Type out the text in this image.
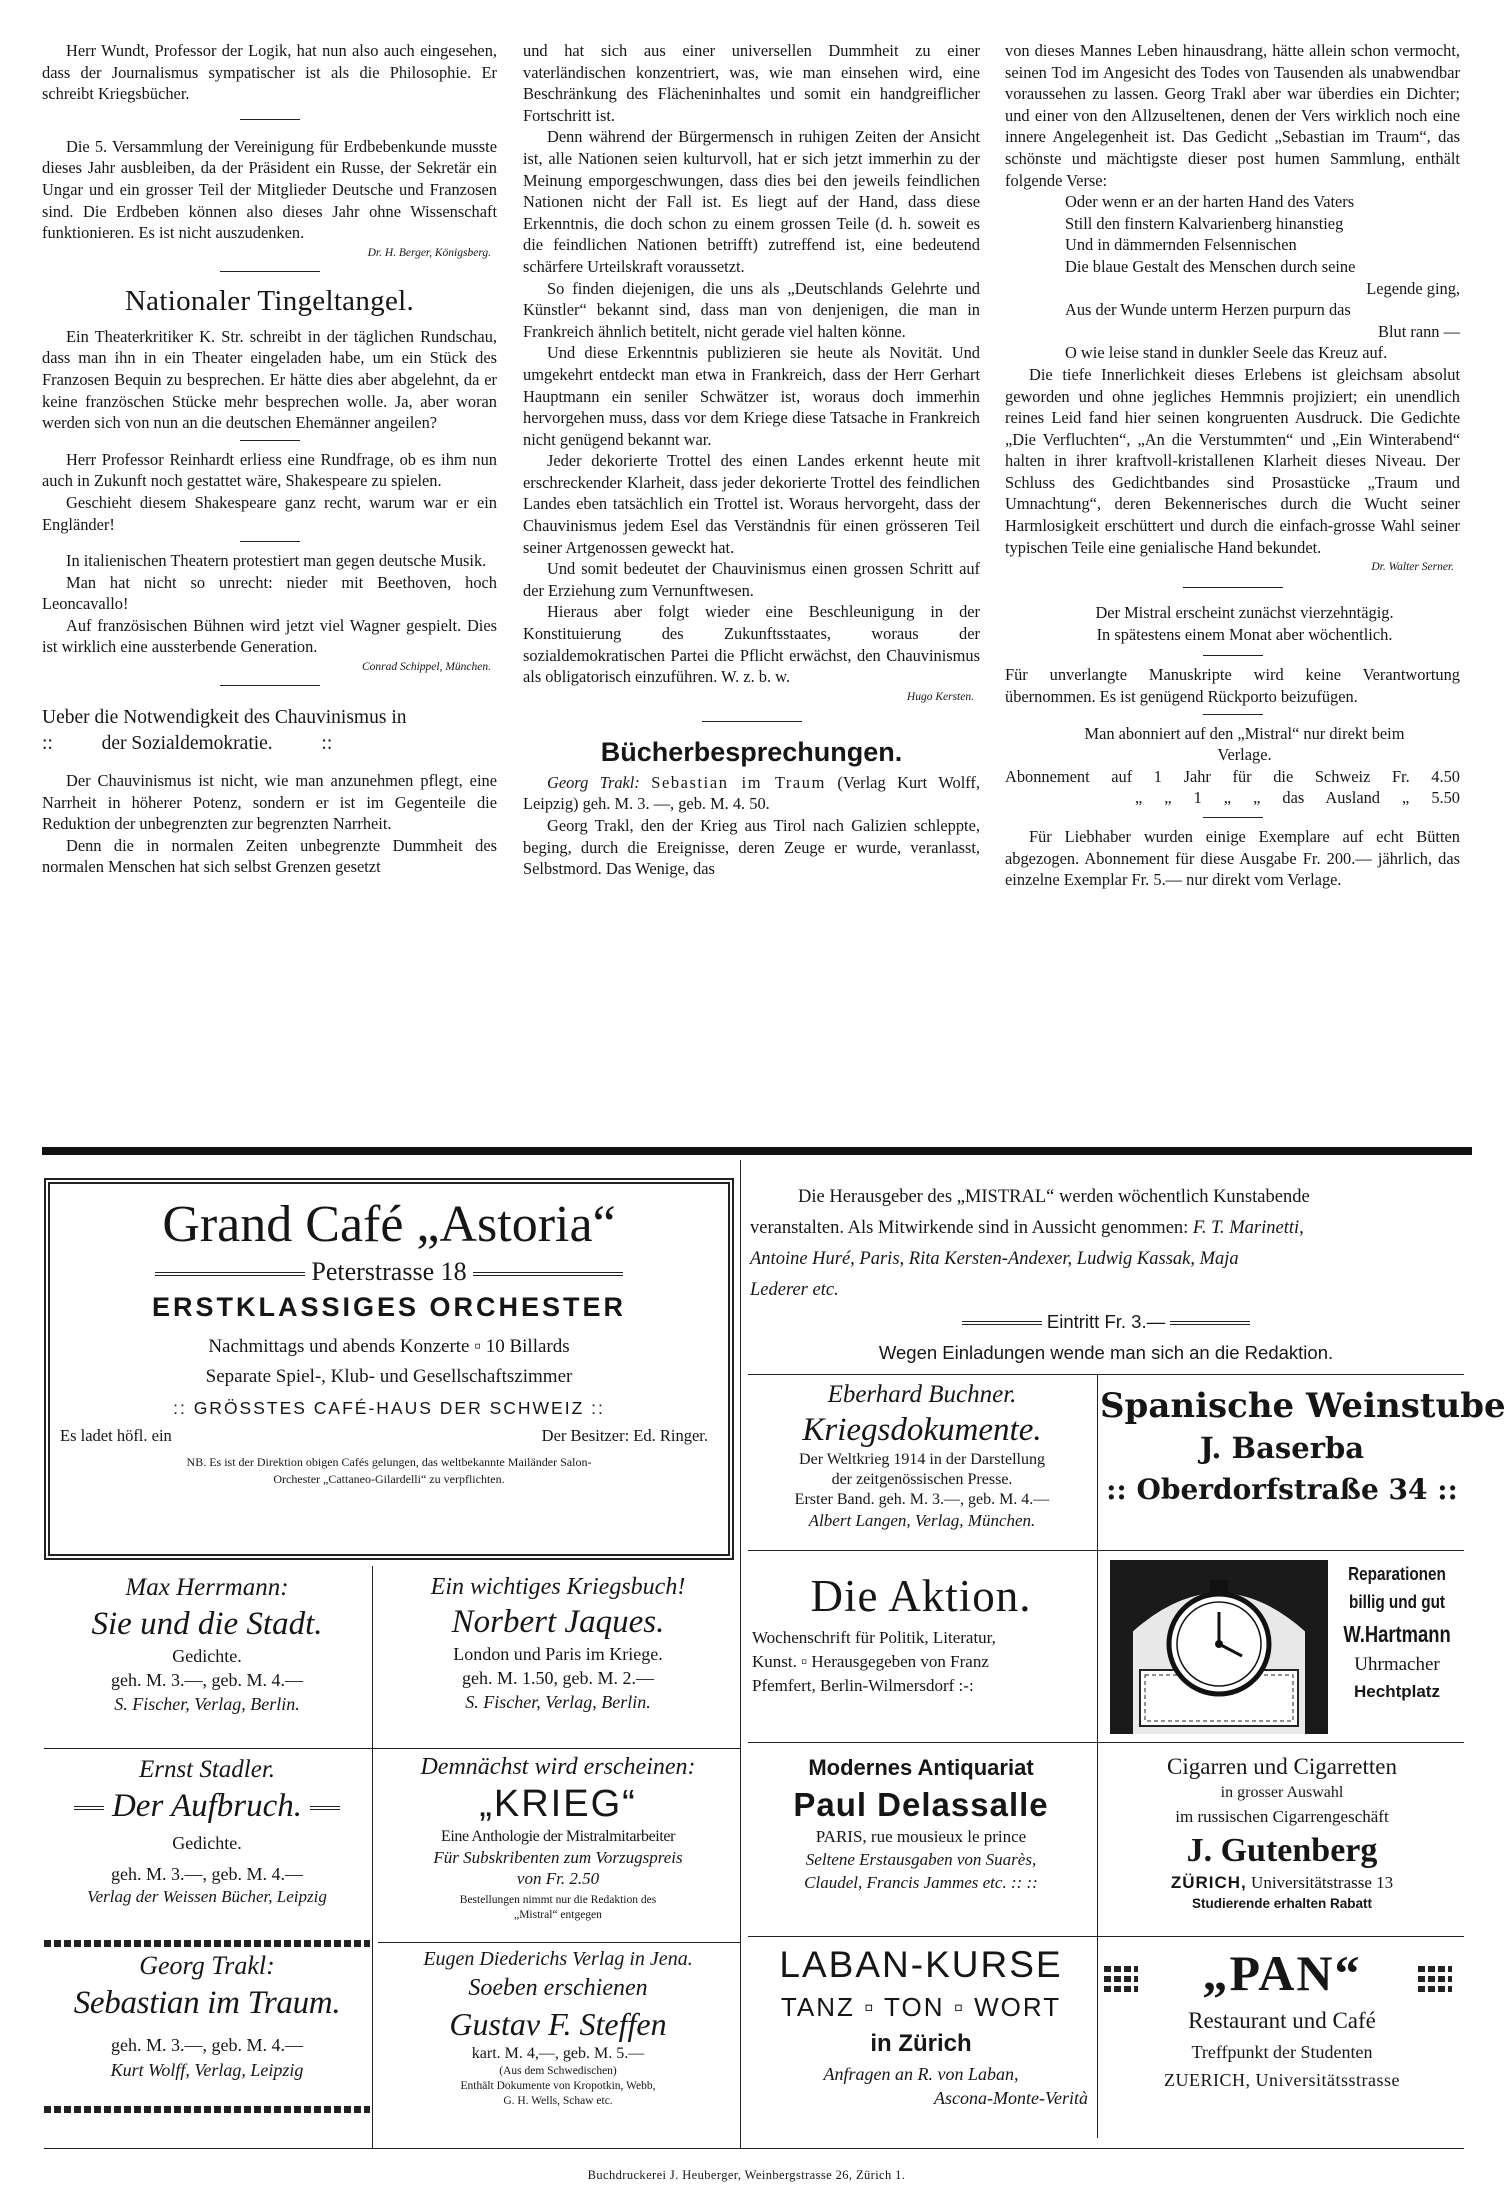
Herr Wundt, Professor der Logik, hat nun also auch eingesehen, dass der Journalismus sympatischer ist als die Philosophie. Er schreibt Kriegsbücher.

Die 5. Versammlung der Vereinigung für Erdbebenkunde musste dieses Jahr ausbleiben, da der Präsident ein Russe, der Sekretär ein Ungar und ein grosser Teil der Mitglieder Deutsche und Franzosen sind. Die Erdbeben können also dieses Jahr ohne Wissenschaft funktionieren. Es ist nicht auszudenken.

Dr. H. Berger, Königsberg.
Nationaler Tingeltangel.

Ein Theaterkritiker K. Str. schreibt in der täglichen Rundschau, dass man ihn in ein Theater eingeladen habe, um ein Stück des Franzosen Bequin zu besprechen. Er hätte dies aber abgelehnt, da er keine französchen Stücke mehr besprechen wolle. Ja, aber woran werden sich von nun an die deutschen Ehemänner angeilen?

Herr Professor Reinhardt erliess eine Rundfrage, ob es ihm nun auch in Zukunft noch gestattet wäre, Shakespeare zu spielen.

Geschieht diesem Shakespeare ganz recht, warum war er ein Engländer!

In italienischen Theatern protestiert man gegen deutsche Musik.

Man hat nicht so unrecht: nieder mit Beethoven, hoch Leoncavallo!

Auf französischen Bühnen wird jetzt viel Wagner gespielt. Dies ist wirklich eine aussterbende Generation.

Conrad Schippel, München.
Ueber die Notwendigkeit des Chauvinismus in
::          der Sozialdemokratie.          ::

Der Chauvinismus ist nicht, wie man anzunehmen pflegt, eine Narrheit in höherer Potenz, sondern er ist im Gegenteile die Reduktion der unbegrenzten zur begrenzten Narrheit.

Denn die in normalen Zeiten unbegrenzte Dummheit des normalen Menschen hat sich selbst Grenzen gesetzt

und hat sich aus einer universellen Dummheit zu einer vaterländischen konzentriert, was, wie man einsehen wird, eine Beschränkung des Flächeninhaltes und somit ein handgreiflicher Fortschritt ist.

Denn während der Bürgermensch in ruhigen Zeiten der Ansicht ist, alle Nationen seien kulturvoll, hat er sich jetzt immerhin zu der Meinung emporgeschwungen, dass dies bei den jeweils feindlichen Nationen nicht der Fall ist. Es liegt auf der Hand, dass diese Erkenntnis, die doch schon zu einem grossen Teile (d. h. soweit es die feindlichen Nationen betrifft) zutreffend ist, eine bedeutend schärfere Urteilskraft voraussetzt.

So finden diejenigen, die uns als „Deutschlands Gelehrte und Künstler“ bekannt sind, dass man von denjenigen, die man in Frankreich ähnlich betitelt, nicht gerade viel halten könne.

Und diese Erkenntnis publizieren sie heute als Novität. Und umgekehrt entdeckt man etwa in Frankreich, dass der Herr Gerhart Hauptmann ein seniler Schwätzer ist, woraus doch immerhin hervorgehen muss, dass vor dem Kriege diese Tatsache in Frankreich nicht genügend bekannt war.

Jeder dekorierte Trottel des einen Landes erkennt heute mit erschreckender Klarheit, dass jeder dekorierte Trottel des feindlichen Landes eben tatsächlich ein Trottel ist. Woraus hervorgeht, dass der Chauvinismus jedem Esel das Verständnis für einen grösseren Teil seiner Artgenossen geweckt hat.

Und somit bedeutet der Chauvinismus einen grossen Schritt auf der Erziehung zum Vernunftwesen.

Hieraus aber folgt wieder eine Beschleunigung in der Konstituierung des Zukunftsstaates, woraus der sozialdemokratischen Partei die Pflicht erwächst, den Chauvinismus als obligatorisch einzuführen. W. z. b. w.

Hugo Kersten.
Bücherbesprechungen.

Georg Trakl: Sebastian im Traum (Verlag Kurt Wolff, Leipzig) geh. M. 3. —, geb. M. 4. 50.

Georg Trakl, den der Krieg aus Tirol nach Galizien schleppte, beging, durch die Ereignisse, deren Zeuge er wurde, veranlasst, Selbstmord. Das Wenige, das

von dieses Mannes Leben hinausdrang, hätte allein schon vermocht, seinen Tod im Angesicht des Todes von Tausenden als unabwendbar voraussehen zu lassen. Georg Trakl aber war überdies ein Dichter; und einer von den Allzuseltenen, denen der Vers wirklich noch eine innere Angelegenheit ist. Das Gedicht „Sebastian im Traum“, das schönste und mächtigste dieser post humen Sammlung, enthält folgende Verse:

Oder wenn er an der harten Hand des Vaters

Still den finstern Kalvarienberg hinanstieg

Und in dämmernden Felsennischen

Die blaue Gestalt des Menschen durch seine

Legende ging,

Aus der Wunde unterm Herzen purpurn das

Blut rann —

O wie leise stand in dunkler Seele das Kreuz auf.

Die tiefe Innerlichkeit dieses Erlebens ist gleichsam absolut geworden und ohne jegliches Hemmnis projiziert; ein unendlich reines Leid fand hier seinen kongruenten Ausdruck. Die Gedichte „Die Verfluchten“, „An die Verstummten“ und „Ein Winterabend“ halten in ihrer kraftvoll-kristallenen Klarheit dieses Niveau. Der Schluss des Gedichtbandes sind Prosastücke „Traum und Umnachtung“, deren Bekennerisches durch die Wucht seiner Harmlosigkeit erschüttert und durch die einfach-grosse Wahl seiner typischen Teile eine genialische Hand bekundet.

Dr. Walter Serner.

Der Mistral erscheint zunächst vierzehntägig.

In spätestens einem Monat aber wöchentlich.

Für unverlangte Manuskripte wird keine Verantwortung übernommen. Es ist genügend Rückporto beizufügen.

Man abonniert auf den „Mistral“ nur direkt beim

Verlage.

Abonnement auf 1 Jahr für die Schweiz Fr. 4.50

„ „ 1 „ „ das Ausland „ 5.50

Für Liebhaber wurden einige Exemplare auf echt Bütten abgezogen. Abonnement für diese Ausgabe Fr. 200.— jährlich, das einzelne Exemplar Fr. 5.— nur direkt vom Verlage.

Grand Café „Astoria“
Peterstrasse 18
ERSTKLASSIGES ORCHESTER
Nachmittags und abends Konzerte ▫ 10 Billards
Separate Spiel-, Klub- und Gesellschaftszimmer
:: GRÖSSTES CAFÉ-HAUS DER SCHWEIZ ::
Es ladet höfl. ein	Der Besitzer: Ed. Ringer.
NB. Es ist der Direktion obigen Cafés gelungen, das weltbekannte Mailänder Salon-
Orchester „Cattaneo-Gilardelli“ zu verpflichten.
Die Herausgeber des „MISTRAL“ werden wöchentlich Kunstabende
veranstalten. Als Mitwirkende sind in Aussicht genommen: F. T. Marinetti,
Antoine Huré, Paris, Rita Kersten-Andexer, Ludwig Kassak, Maja
Lederer etc.
Eintritt Fr. 3.—
Wegen Einladungen wende man sich an die Redaktion.
Eberhard Buchner.
Kriegsdokumente.
Der Weltkrieg 1914 in der Darstellung
der zeitgenössischen Presse.
Erster Band. geh. M. 3.—, geb. M. 4.—
Albert Langen, Verlag, München.
Spanische Weinstube
J. Baserba
:: Oberdorfstraße 34 ::
Max Herrmann:
Sie und die Stadt.
Gedichte.
geh. M. 3.—, geb. M. 4.—
S. Fischer, Verlag, Berlin.
Ein wichtiges Kriegsbuch!
Norbert Jaques.
London und Paris im Kriege.
geh. M. 1.50, geb. M. 2.—
S. Fischer, Verlag, Berlin.
Die Aktion.
Wochenschrift für Politik, Literatur,
Kunst. ▫ Herausgegeben von Franz
Pfemfert, Berlin-Wilmersdorf :-:
Reparationen
billig und gut
W.Hartmann
Uhrmacher
Hechtplatz
Ernst Stadler.
Der Aufbruch.
Gedichte.
geh. M. 3.—, geb. M. 4.—
Verlag der Weissen Bücher, Leipzig
Demnächst wird erscheinen:
„KRIEG“
Eine Anthologie der Mistralmitarbeiter
Für Subskribenten zum Vorzugspreis
von Fr. 2.50
Bestellungen nimmt nur die Redaktion des
„Mistral“ entgegen
Modernes Antiquariat
Paul Delassalle
PARIS, rue mousieux le prince
Seltene Erstausgaben von Suarès,
Claudel, Francis Jammes etc. :: ::
Cigarren und Cigarretten
in grosser Auswahl
im russischen Cigarrengeschäft
J. Gutenberg
ZÜRICH, Universitätstrasse 13
Studierende erhalten Rabatt
Georg Trakl:
Sebastian im Traum.
geh. M. 3.—, geb. M. 4.—
Kurt Wolff, Verlag, Leipzig
Eugen Diederichs Verlag in Jena.
Soeben erschienen
Gustav F. Steffen
kart. M. 4,—, geb. M. 5.—
(Aus dem Schwedischen)
Enthält Dokumente von Kropotkin, Webb,
G. H. Wells, Schaw etc.
LABAN-KURSE
TANZ ▫ TON ▫ WORT
in Zürich
Anfragen an R. von Laban,
Ascona-Monte-Verità
„PAN“
Restaurant und Café
Treffpunkt der Studenten
ZUERICH, Universitätsstrasse
Buchdruckerei J. Heuberger, Weinbergstrasse 26, Zürich 1.
